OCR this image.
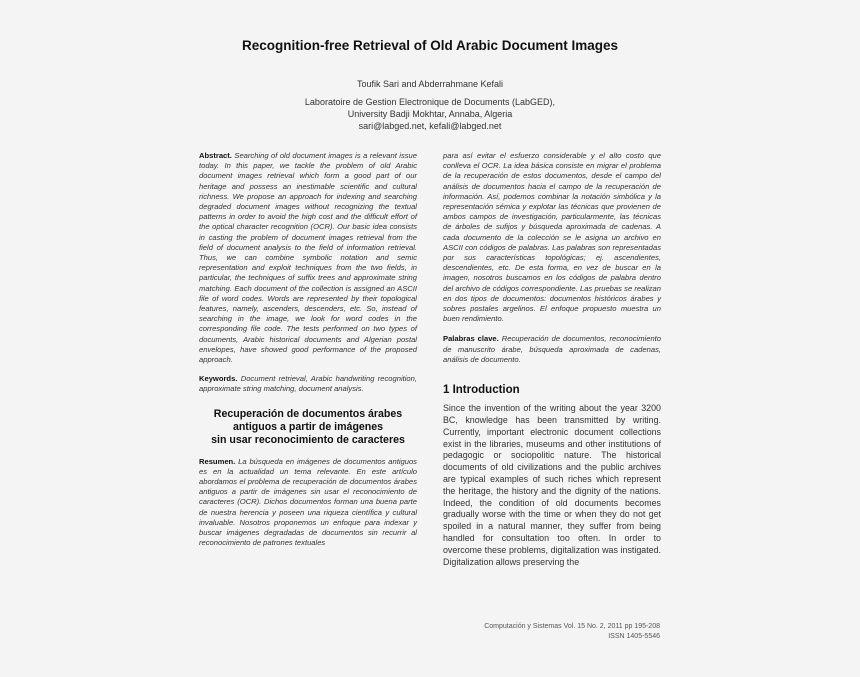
Recognition-free Retrieval of Old Arabic Document Images
Toufik Sari and Abderrahmane Kefali
Laboratoire de Gestion Electronique de Documents (LabGED),
University Badji Mokhtar, Annaba, Algeria
sari@labged.net, kefali@labged.net

Abstract. Searching of old document images is a relevant issue today. In this paper, we tackle the problem of old Arabic document images retrieval which form a good part of our heritage and possess an inestimable scientific and cultural richness. We propose an approach for indexing and searching degraded document images without recognizing the textual patterns in order to avoid the high cost and the difficult effort of the optical character recognition (OCR). Our basic idea consists in casting the problem of document images retrieval from the field of document analysis to the field of information retrieval. Thus, we can combine symbolic notation and semic representation and exploit techniques from the two fields, in particular, the techniques of suffix trees and approximate string matching. Each document of the collection is assigned an ASCII file of word codes. Words are represented by their topological features, namely, ascenders, descenders, etc. So, instead of searching in the image, we look for word codes in the corresponding file code. The tests performed on two types of documents, Arabic historical documents and Algerian postal envelopes, have showed good performance of the proposed approach.

Keywords. Document retrieval, Arabic handwriting recognition, approximate string matching, document analysis.

Recuperación de documentos árabes
antiguos a partir de imágenes
sin usar reconocimiento de caracteres

Resumen. La búsqueda en imágenes de documentos antiguos es en la actualidad un tema relevante. En este artículo abordamos el problema de recuperación de documentos árabes antiguos a partir de imágenes sin usar el reconocimiento de caracteres (OCR). Dichos documentos forman una buena parte de nuestra herencia y poseen una riqueza científica y cultural invaluable. Nosotros proponemos un enfoque para indexar y buscar imágenes degradadas de documentos sin recurrir al reconocimiento de patrones textuales

para así evitar el esfuerzo considerable y el alto costo que conlleva el OCR. La idea básica consiste en migrar el problema de la recuperación de estos documentos, desde el campo del análisis de documentos hacia el campo de la recuperación de información. Así, podemos combinar la notación simbólica y la representación sémica y explotar las técnicas que provienen de ambos campos de investigación, particularmente, las técnicas de árboles de sufijos y búsqueda aproximada de cadenas. A cada documento de la colección se le asigna un archivo en ASCII con códigos de palabras. Las palabras son representadas por sus características topológicas; ej. ascendientes, descendientes, etc. De esta forma, en vez de buscar en la imagen, nosotros buscamos en los códigos de palabra dentro del archivo de códigos correspondiente. Las pruebas se realizan en dos tipos de documentos: documentos históricos árabes y sobres postales argelinos. El enfoque propuesto muestra un buen rendimiento.

Palabras clave. Recuperación de documentos, reconocimiento de manuscrito árabe, búsqueda aproximada de cadenas, análisis de documento.

1 Introduction

Since the invention of the writing about the year 3200 BC, knowledge has been transmitted by writing. Currently, important electronic document collections exist in the libraries, museums and other institutions of pedagogic or sociopolitic nature. The historical documents of old civilizations and the public archives are typical examples of such riches which represent the heritage, the history and the dignity of the nations. Indeed, the condition of old documents becomes gradually worse with the time or when they do not get spoiled in a natural manner, they suffer from being handled for consultation too often. In order to overcome these problems, digitalization was instigated. Digitalization allows preserving the

Computación y Sistemas Vol. 15 No. 2, 2011 pp 195-208
ISSN 1405-5546
